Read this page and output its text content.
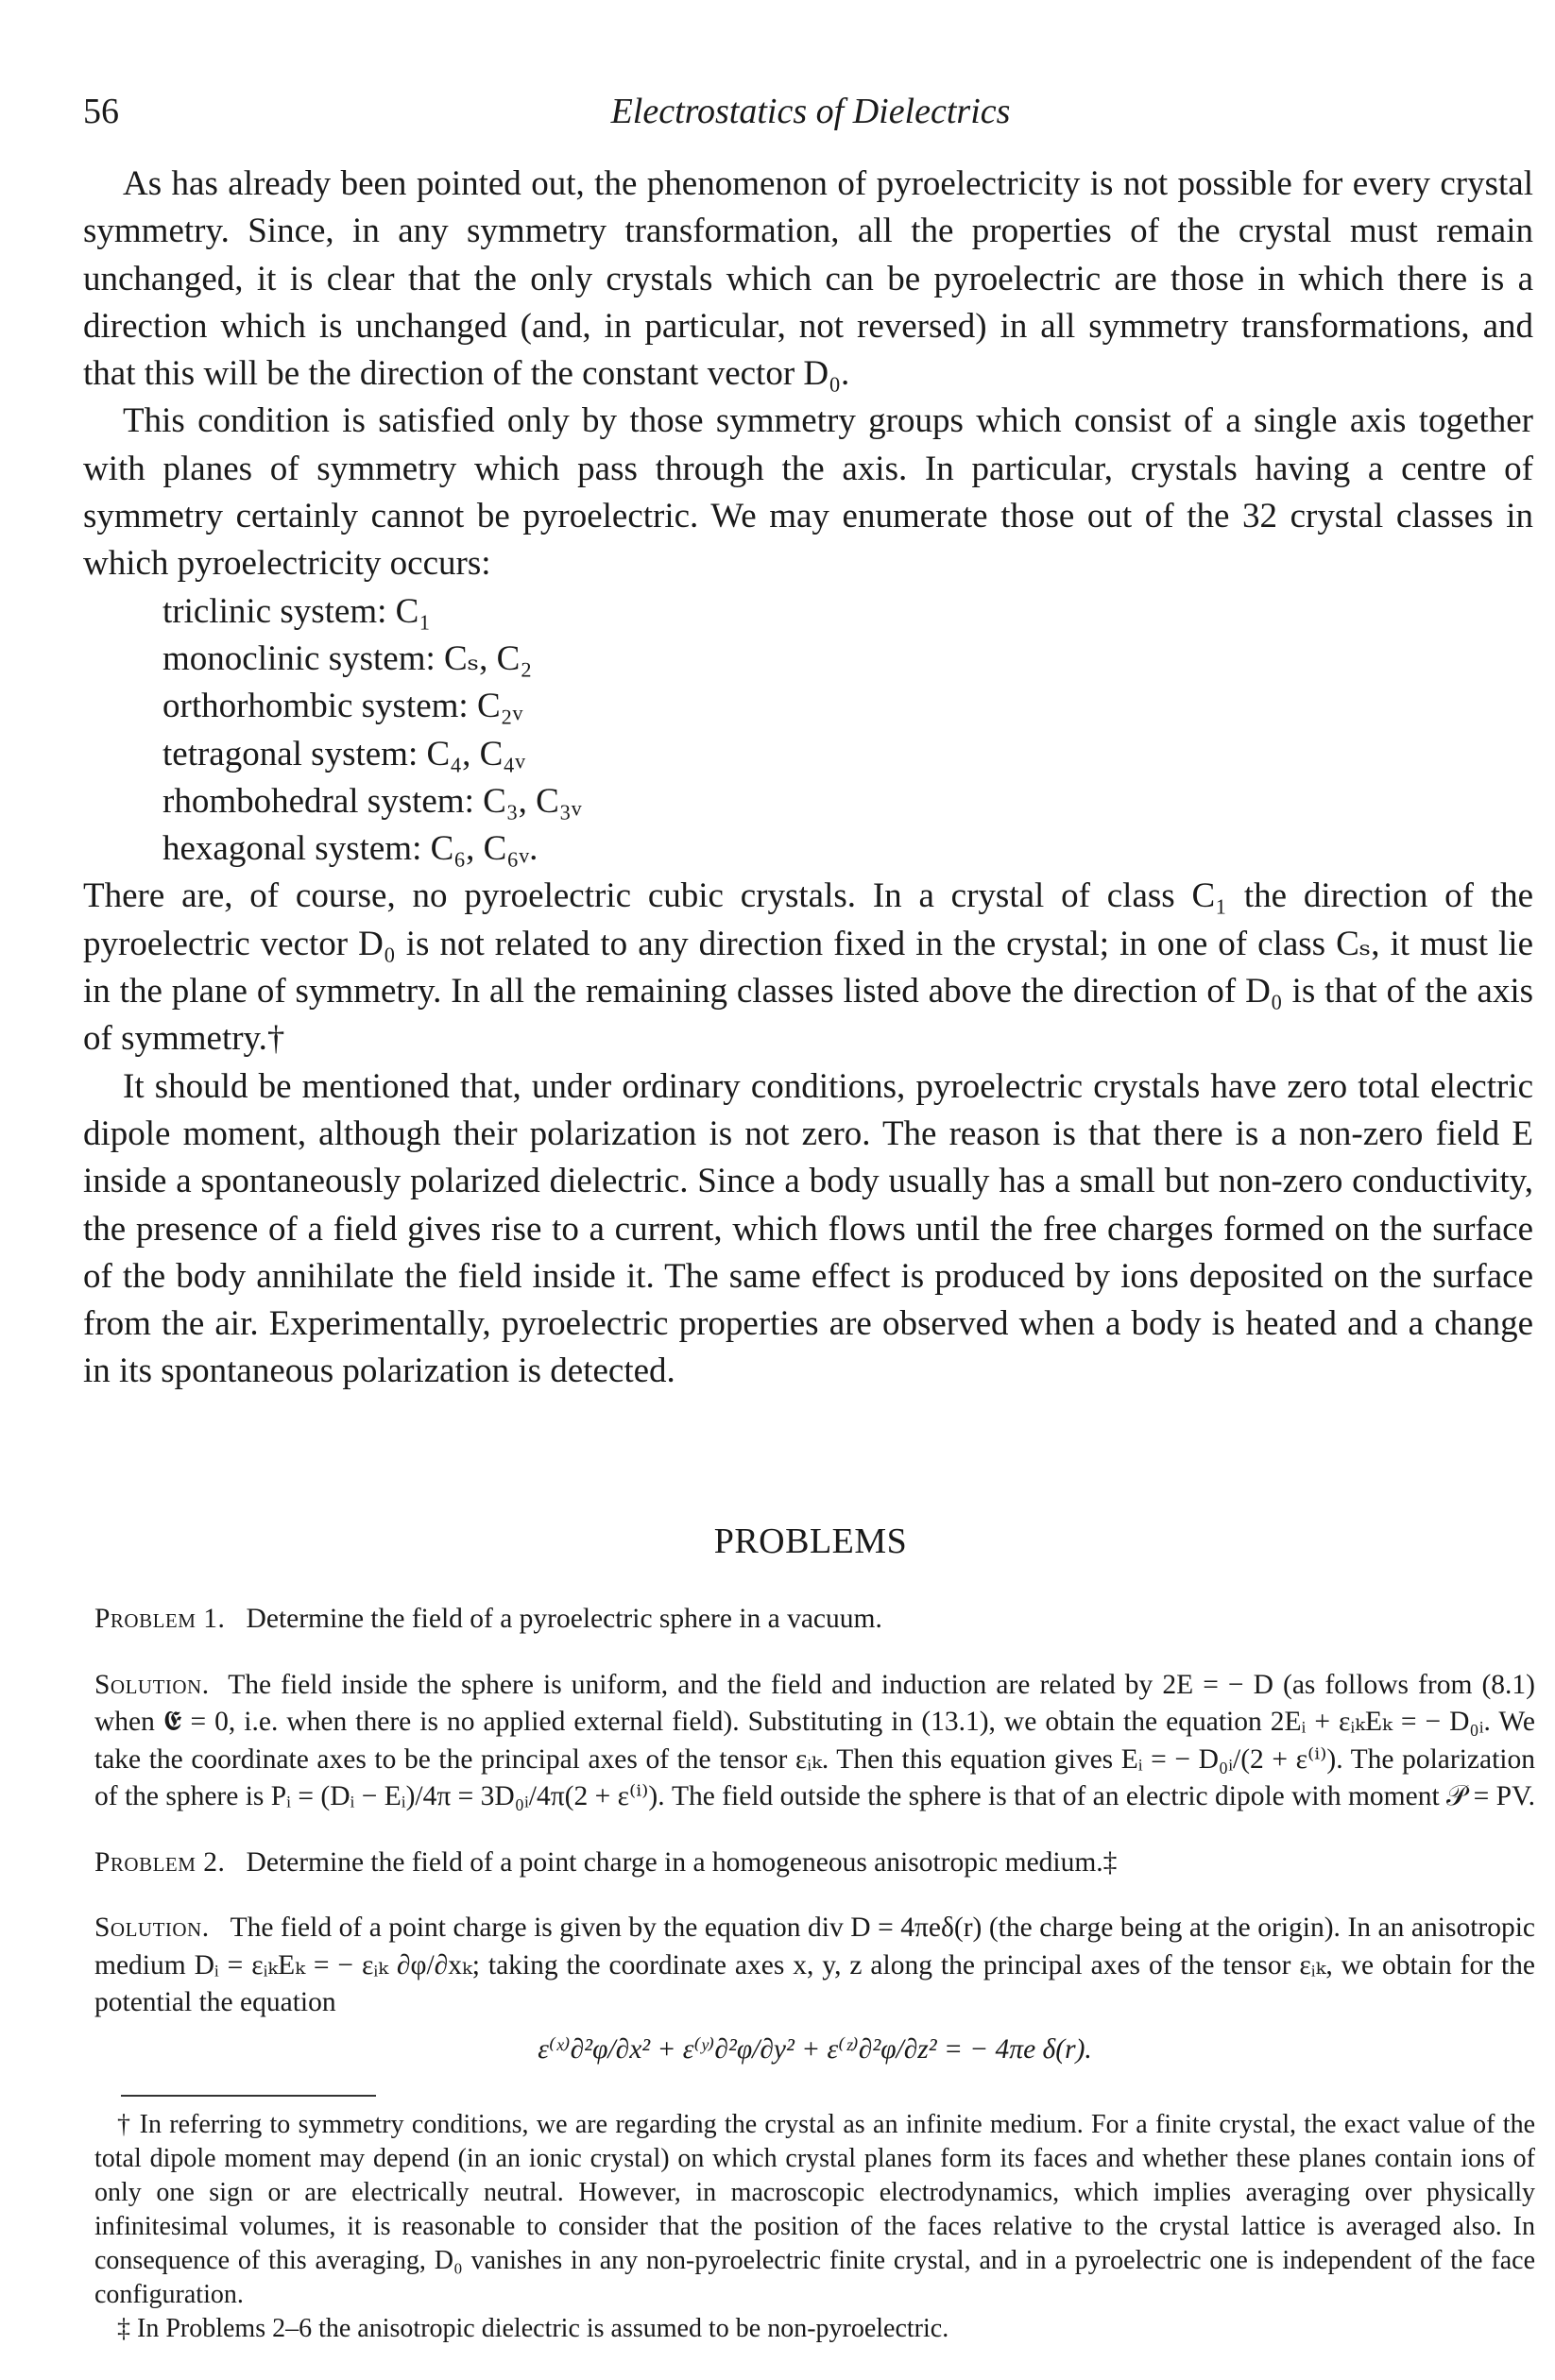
56	Electrostatics of Dielectrics

As has already been pointed out, the phenomenon of pyroelectricity is not possible for every crystal symmetry. Since, in any symmetry transformation, all the properties of the crystal must remain unchanged, it is clear that the only crystals which can be pyroelectric are those in which there is a direction which is unchanged (and, in particular, not reversed) in all symmetry transformations, and that this will be the direction of the constant vector D₀.

This condition is satisfied only by those symmetry groups which consist of a single axis together with planes of symmetry which pass through the axis. In particular, crystals having a centre of symmetry certainly cannot be pyroelectric. We may enumerate those out of the 32 crystal classes in which pyroelectricity occurs:

triclinic system: C₁
monoclinic system: Cₛ, C₂
orthorhombic system: C₂ᵥ
tetragonal system: C₄, C₄ᵥ
rhombohedral system: C₃, C₃ᵥ
hexagonal system: C₆, C₆ᵥ.

There are, of course, no pyroelectric cubic crystals. In a crystal of class C₁ the direction of the pyroelectric vector D₀ is not related to any direction fixed in the crystal; in one of class Cₛ, it must lie in the plane of symmetry. In all the remaining classes listed above the direction of D₀ is that of the axis of symmetry.†

It should be mentioned that, under ordinary conditions, pyroelectric crystals have zero total electric dipole moment, although their polarization is not zero. The reason is that there is a non-zero field E inside a spontaneously polarized dielectric. Since a body usually has a small but non-zero conductivity, the presence of a field gives rise to a current, which flows until the free charges formed on the surface of the body annihilate the field inside it. The same effect is produced by ions deposited on the surface from the air. Experimentally, pyroelectric properties are observed when a body is heated and a change in its spontaneous polarization is detected.

PROBLEMS

Problem 1. Determine the field of a pyroelectric sphere in a vacuum.

Solution. The field inside the sphere is uniform, and the field and induction are related by 2E = − D (as follows from (8.1) when 𝕰 = 0, i.e. when there is no applied external field). Substituting in (13.1), we obtain the equation 2Eᵢ + εᵢₖEₖ = − D₀ᵢ. We take the coordinate axes to be the principal axes of the tensor εᵢₖ. Then this equation gives Eᵢ = − D₀ᵢ/(2 + ε⁽ⁱ⁾). The polarization of the sphere is Pᵢ = (Dᵢ − Eᵢ)/4π = 3D₀ᵢ/4π(2 + ε⁽ⁱ⁾). The field outside the sphere is that of an electric dipole with moment 𝒫 = PV.

Problem 2. Determine the field of a point charge in a homogeneous anisotropic medium.‡

Solution. The field of a point charge is given by the equation div D = 4πeδ(r) (the charge being at the origin). In an anisotropic medium Dᵢ = εᵢₖEₖ = − εᵢₖ ∂φ/∂xₖ; taking the coordinate axes x, y, z along the principal axes of the tensor εᵢₖ, we obtain for the potential the equation

ε⁽ˣ⁾∂²φ/∂x² + ε⁽ʸ⁾∂²φ/∂y² + ε⁽ᶻ⁾∂²φ/∂z² = − 4πe δ(r).

† In referring to symmetry conditions, we are regarding the crystal as an infinite medium. For a finite crystal, the exact value of the total dipole moment may depend (in an ionic crystal) on which crystal planes form its faces and whether these planes contain ions of only one sign or are electrically neutral. However, in macroscopic electrodynamics, which implies averaging over physically infinitesimal volumes, it is reasonable to consider that the position of the faces relative to the crystal lattice is averaged also. In consequence of this averaging, D₀ vanishes in any non-pyroelectric finite crystal, and in a pyroelectric one is independent of the face configuration.

‡ In Problems 2–6 the anisotropic dielectric is assumed to be non-pyroelectric.
